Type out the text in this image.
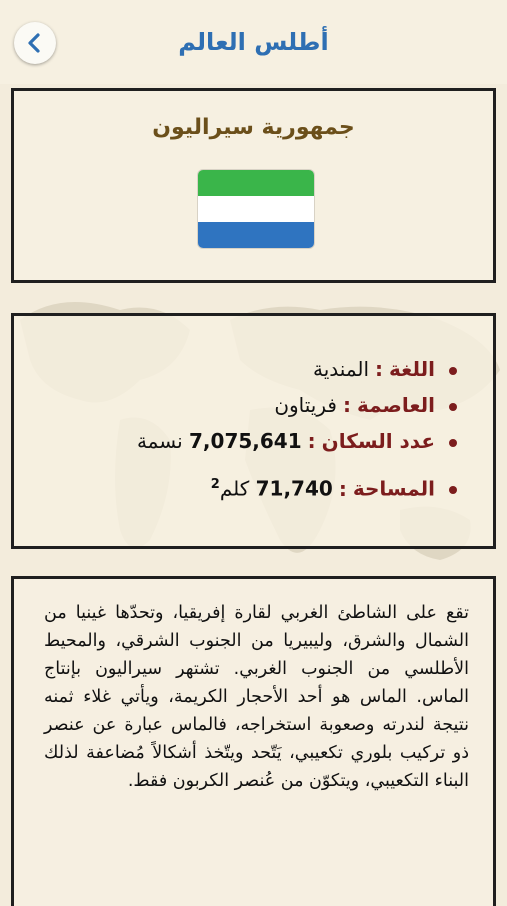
أطلس العالم
جمهورية سيراليون
اللغة:المندية
العاصمة:فريتاون
عدد السكان:7,075,641 نسمة
المساحة:71,740 كلم$^2$
تقع على الشاطئ الغربي لقارة إفريقيا، وتحدّها غينيا من الشمال والشرق، وليبيريا من الجنوب الشرقي، والمحيط الأطلسي من الجنوب الغربي. تشتهر سيراليون بإنتاج الماس. الماس هو أحد الأحجار الكريمة، ويأتي غلاء ثمنه نتيجة لندرته وصعوبة استخراجه، فالماس عبارة عن عنصر ذو تركيب بلوري تكعيبي، يَتّحد ويتّخذ أشكالاً مُضاعفة لذلك البناء التكعيبي، ويتكوّن من عُنصر الكربون فقط.
